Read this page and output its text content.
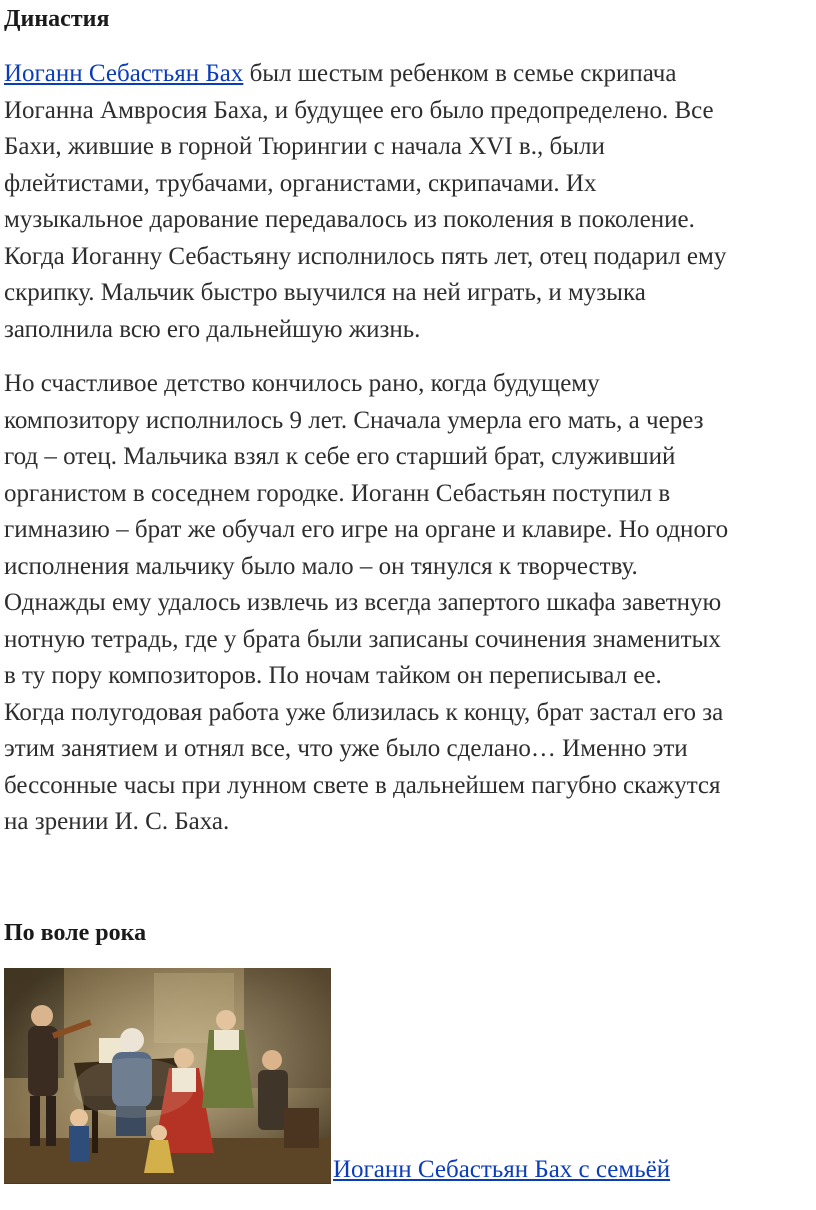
Династия
Иоганн Себастьян Бах был шестым ребенком в семье скрипача
Иоганна Амвросия Баха, и будущее его было предопределено. Все
Бахи, жившие в горной Тюрингии с начала XVI в., были
флейтистами, трубачами, органистами, скрипачами. Их
музыкальное дарование передавалось из поколения в поколение.
Когда Иоганну Себастьяну исполнилось пять лет, отец подарил ему
скрипку. Мальчик быстро выучился на ней играть, и музыка
заполнила всю его дальнейшую жизнь.
Но счастливое детство кончилось рано, когда будущему
композитору исполнилось 9 лет. Сначала умерла его мать, а через
год – отец. Мальчика взял к себе его старший брат, служивший
органистом в соседнем городке. Иоганн Себастьян поступил в
гимназию – брат же обучал его игре на органе и клавире. Но одного
исполнения мальчику было мало – он тянулся к творчеству.
Однажды ему удалось извлечь из всегда запертого шкафа заветную
нотную тетрадь, где у брата были записаны сочинения знаменитых
в ту пору композиторов. По ночам тайком он переписывал ее.
Когда полугодовая работа уже близилась к концу, брат застал его за
этим занятием и отнял все, что уже было сделано… Именно эти
бессонные часы при лунном свете в дальнейшем пагубно скажутся
на зрении И. С. Баха.
По воле рока
Иоганн Себастьян Бах с семьёй
